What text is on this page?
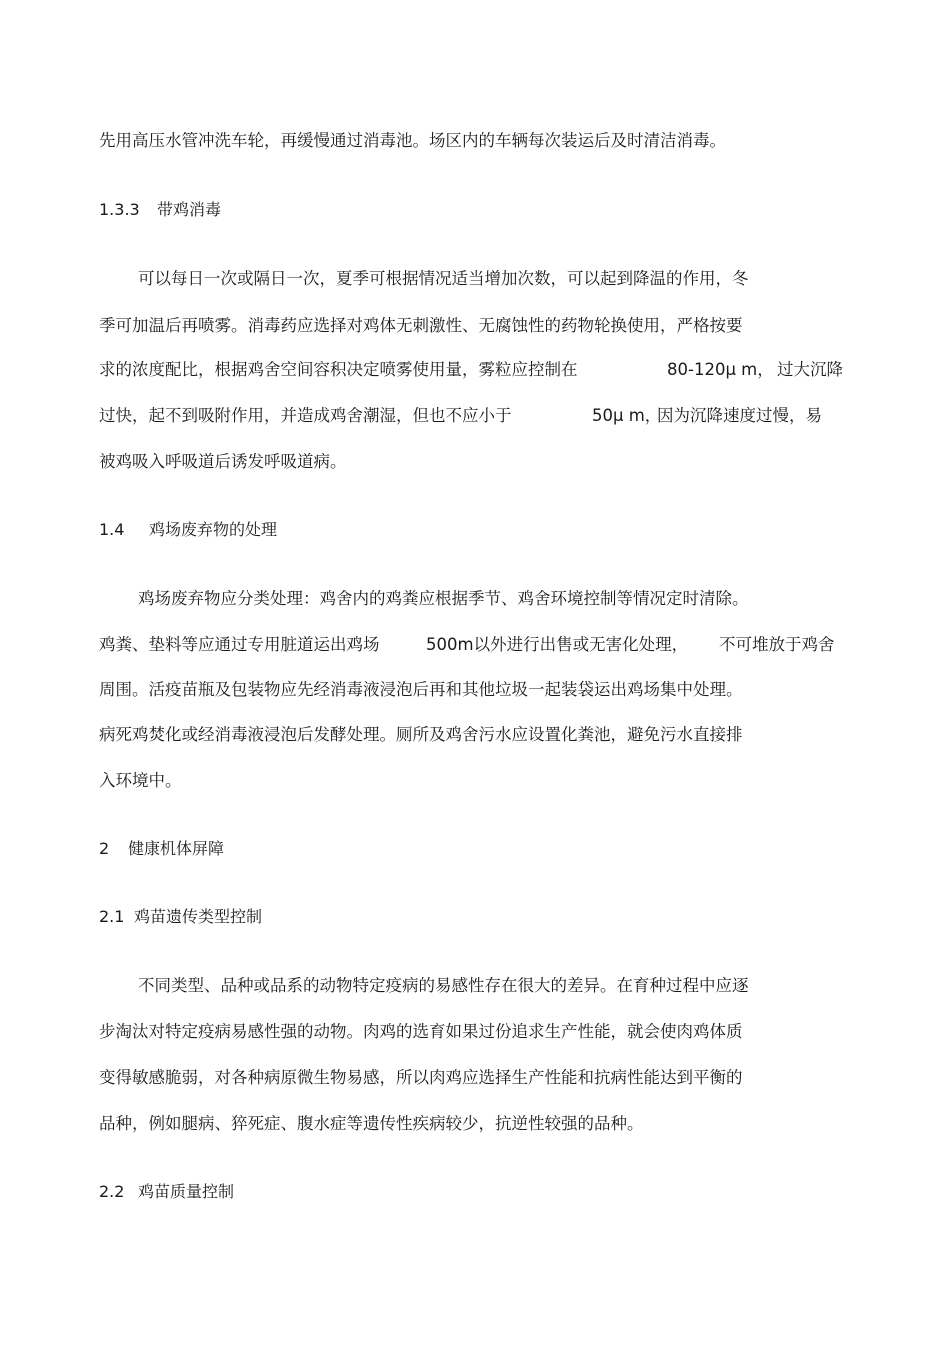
先用高压水管冲洗车轮，再缓慢通过消毒池。场区内的车辆每次装运后及时清洁消毒。

1.3.3

带鸡消毒

可以每日一次或隔日一次，夏季可根据情况适当增加次数，可以起到降温的作用，冬

季可加温后再喷雾。消毒药应选择对鸡体无刺激性、无腐蚀性的药物轮换使用，严格按要

求的浓度配比，根据鸡舍空间容积决定喷雾使用量，雾粒应控制在

	80-120μ m，

过大沉降

过快，起不到吸附作用，并造成鸡舍潮湿，但也不应小于

	50μ m，

因为沉降速度过慢，易

被鸡吸入呼吸道后诱发呼吸道病。

1.4

鸡场废弃物的处理

鸡场废弃物应分类处理：鸡舍内的鸡粪应根据季节、鸡舍环境控制等情况定时清除。

鸡粪、垫料等应通过专用脏道运出鸡场

	500m以外进行出售或无害化处理，

不可堆放于鸡舍

周围。活疫苗瓶及包装物应先经消毒液浸泡后再和其他垃圾一起装袋运出鸡场集中处理。

病死鸡焚化或经消毒液浸泡后发酵处理。厕所及鸡舍污水应设置化粪池，避免污水直接排

入环境中。

2

健康机体屏障

2.1

鸡苗遗传类型控制

不同类型、品种或品系的动物特定疫病的易感性存在很大的差异。在育种过程中应逐

步淘汰对特定疫病易感性强的动物。肉鸡的选育如果过份追求生产性能，就会使肉鸡体质

变得敏感脆弱，对各种病原微生物易感，所以肉鸡应选择生产性能和抗病性能达到平衡的

品种，例如腿病、猝死症、腹水症等遗传性疾病较少，抗逆性较强的品种。

2.2

鸡苗质量控制
